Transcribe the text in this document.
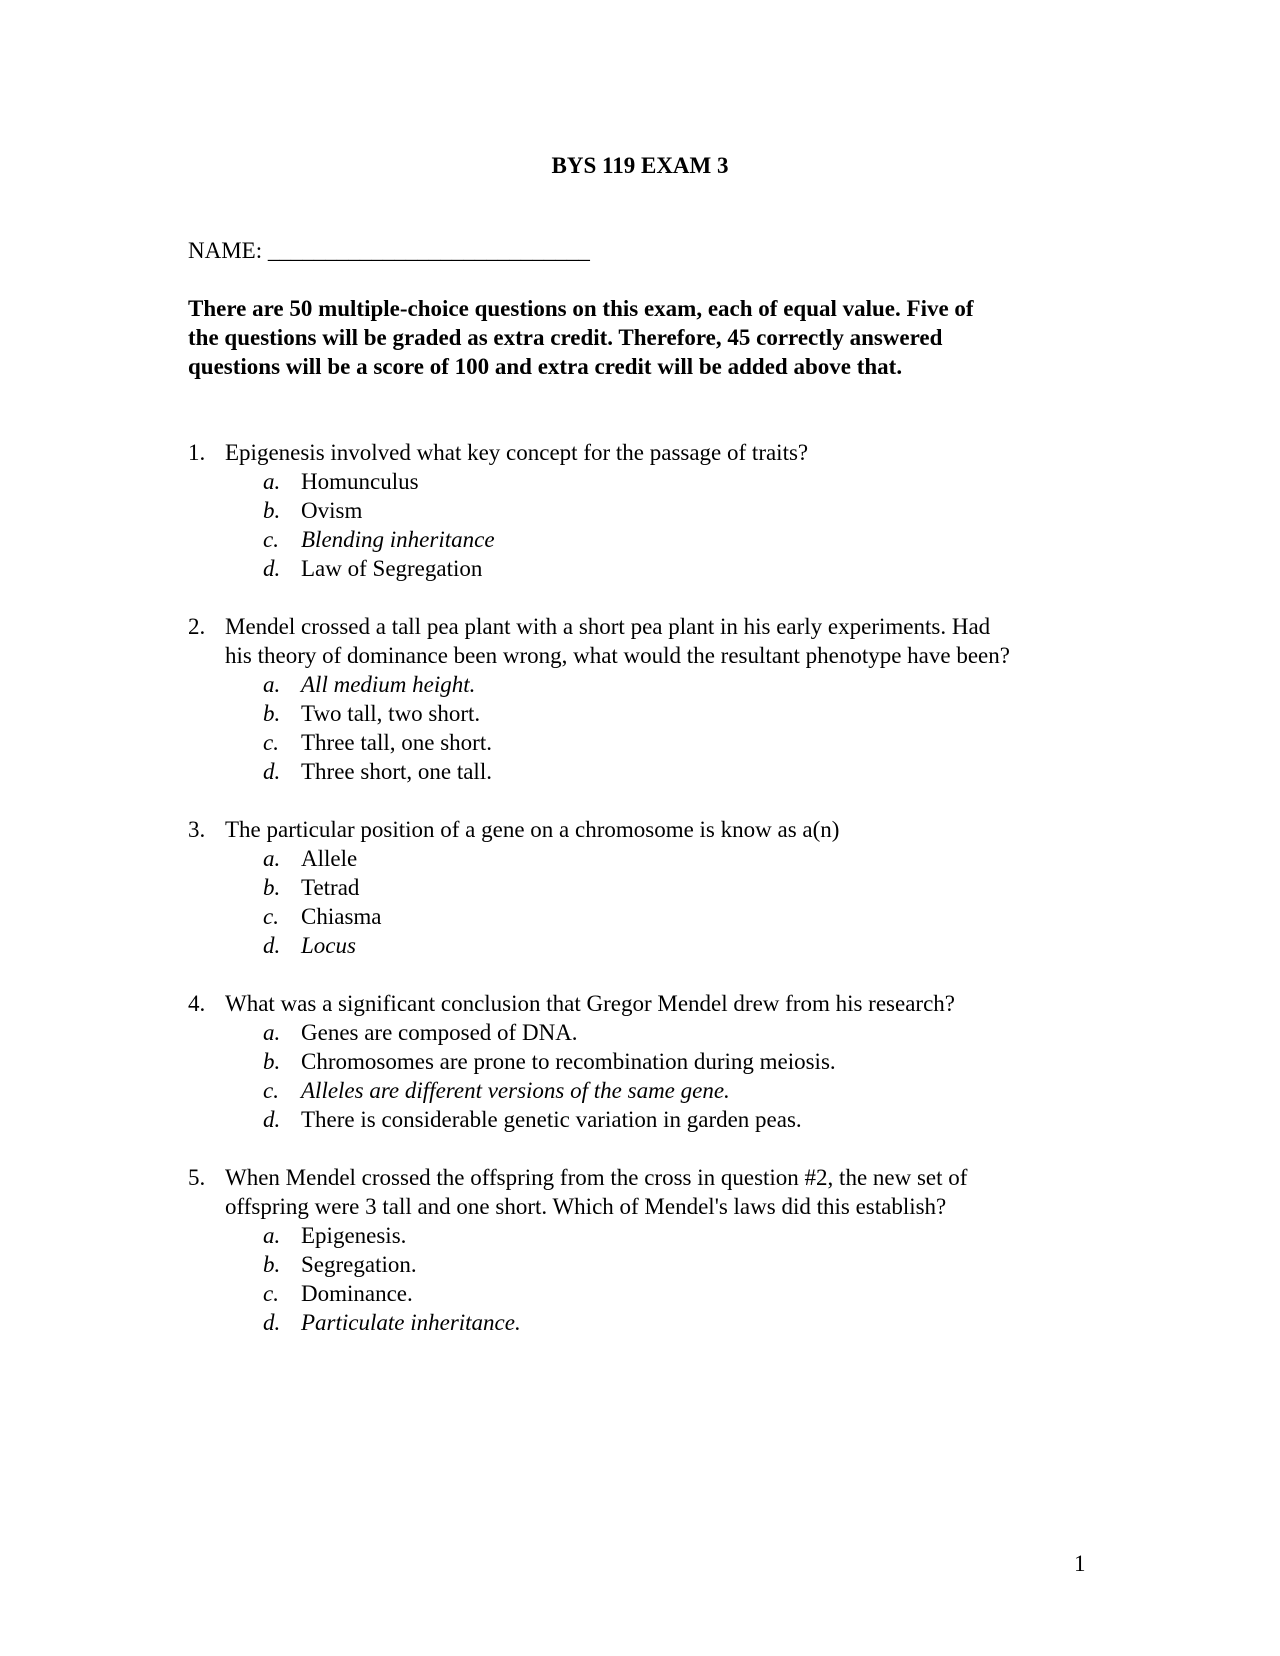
BYS 119 EXAM 3
NAME: ____________________________
There are 50 multiple-choice questions on this exam, each of equal value. Five of
the questions will be graded as extra credit. Therefore, 45 correctly answered
questions will be a score of 100 and extra credit will be added above that.
1. Epigenesis involved what key concept for the passage of traits?
a. Homunculus
b. Ovism
c. Blending inheritance
d. Law of Segregation
2. Mendel crossed a tall pea plant with a short pea plant in his early experiments. Had
his theory of dominance been wrong, what would the resultant phenotype have been?
a. All medium height.
b. Two tall, two short.
c. Three tall, one short.
d. Three short, one tall.
3. The particular position of a gene on a chromosome is know as a(n)
a. Allele
b. Tetrad
c. Chiasma
d. Locus
4. What was a significant conclusion that Gregor Mendel drew from his research?
a. Genes are composed of DNA.
b. Chromosomes are prone to recombination during meiosis.
c. Alleles are different versions of the same gene.
d. There is considerable genetic variation in garden peas.
5. When Mendel crossed the offspring from the cross in question #2, the new set of
offspring were 3 tall and one short. Which of Mendel's laws did this establish?
a. Epigenesis.
b. Segregation.
c. Dominance.
d. Particulate inheritance.
1
